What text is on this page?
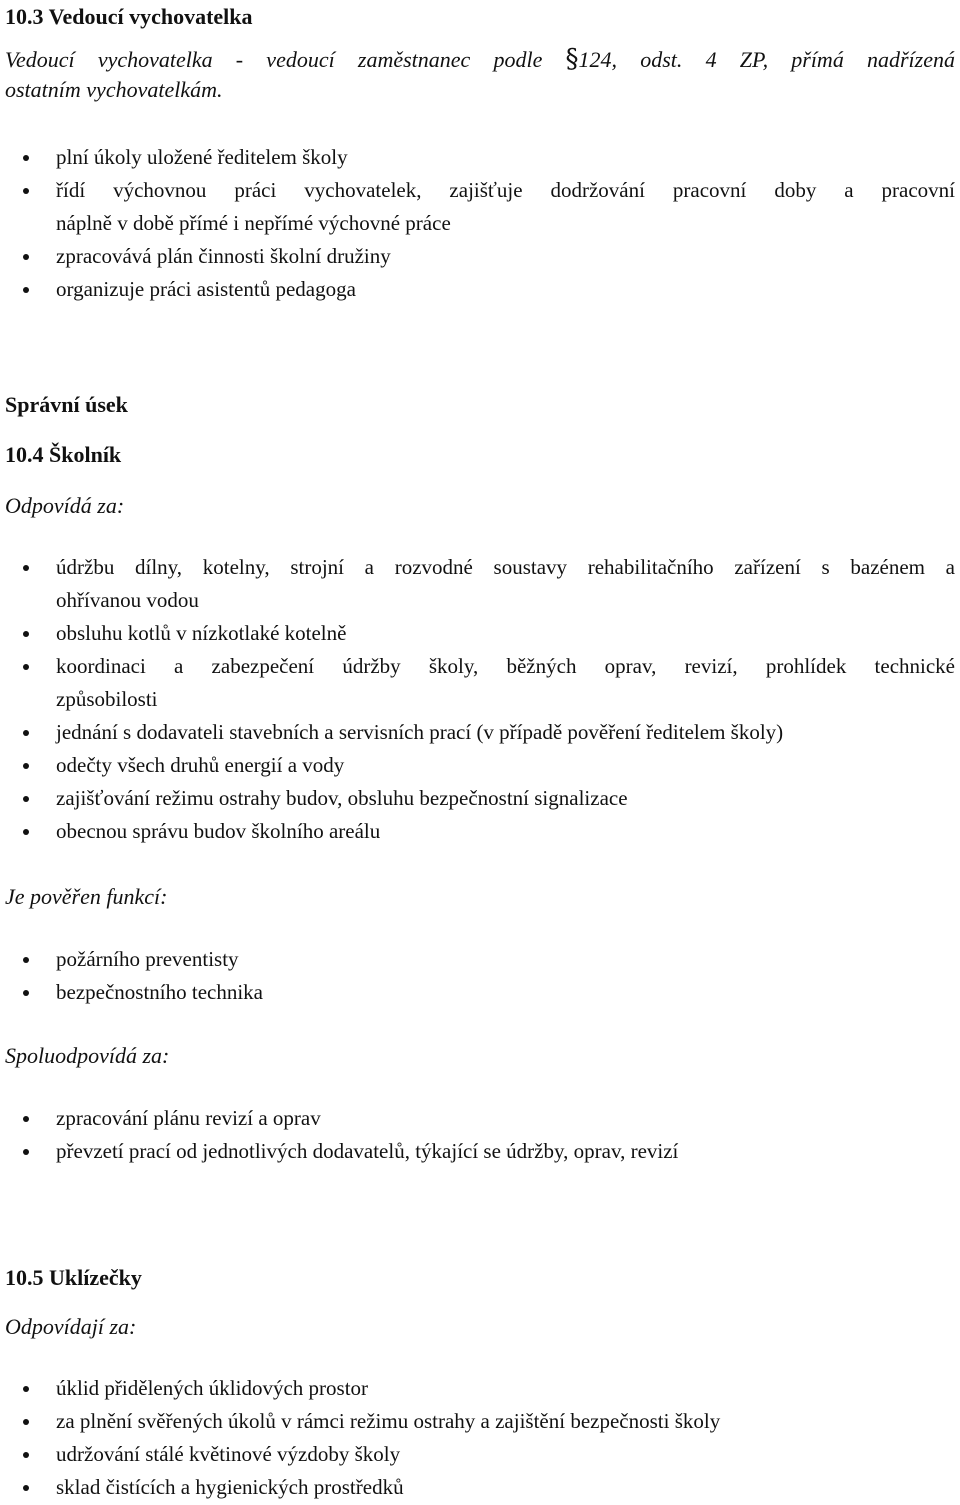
10.3 Vedoucí vychovatelka
Vedoucí vychovatelka - vedoucí zaměstnanec podle §124, odst. 4 ZP, přímá nadřízená
ostatním vychovatelkám.
plní úkoly uložené ředitelem školy
řídí výchovnou práci vychovatelek, zajišťuje dodržování pracovní doby a pracovní
náplně v době přímé i nepřímé výchovné práce
zpracovává plán činnosti školní družiny
organizuje práci asistentů pedagoga
Správní úsek
10.4 Školník
Odpovídá za:
údržbu dílny, kotelny, strojní a rozvodné soustavy rehabilitačního zařízení s bazénem a
ohřívanou vodou
obsluhu kotlů v nízkotlaké kotelně
koordinaci a zabezpečení údržby školy, běžných oprav, revizí, prohlídek technické
způsobilosti
jednání s dodavateli stavebních a servisních prací (v případě pověření ředitelem školy)
odečty všech druhů energií a vody
zajišťování režimu ostrahy budov, obsluhu bezpečnostní signalizace
obecnou správu budov školního areálu
Je pověřen funkcí:
požárního preventisty
bezpečnostního technika
Spoluodpovídá za:
zpracování plánu revizí a oprav
převzetí prací od jednotlivých dodavatelů, týkající se údržby, oprav, revizí
10.5 Uklízečky
Odpovídají za:
úklid přidělených úklidových prostor
za plnění svěřených úkolů v rámci režimu ostrahy a zajištění bezpečnosti školy
udržování stálé květinové výzdoby školy
sklad čistících a hygienických prostředků
